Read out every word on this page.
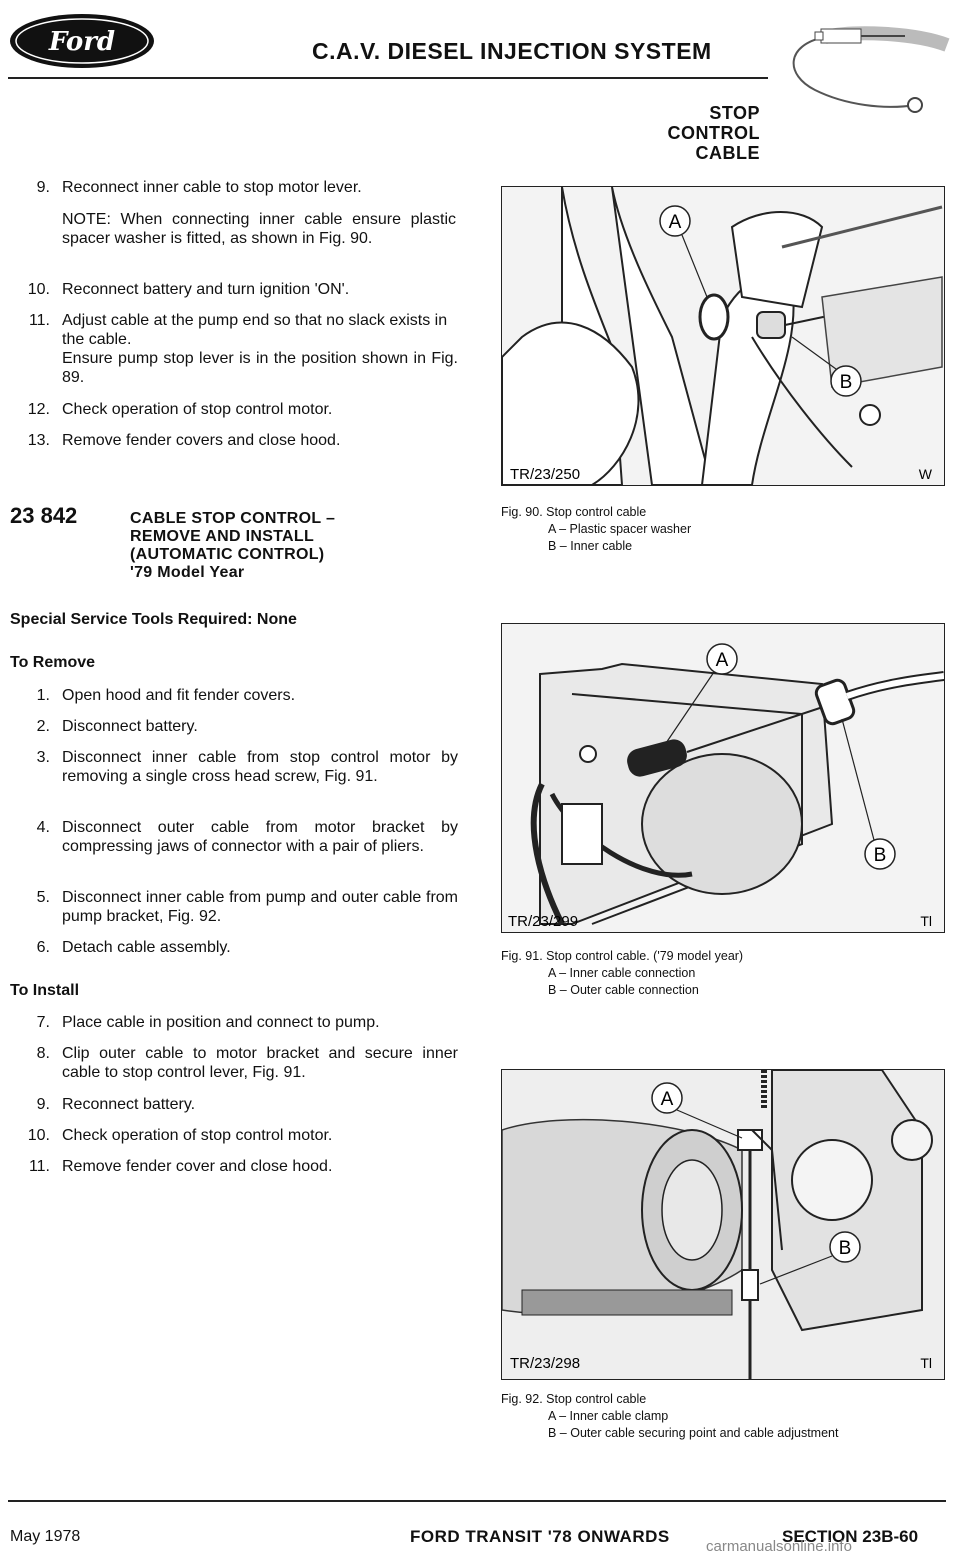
Ford	C.A.V. DIESEL INJECTION SYSTEM
STOP
CONTROL
CABLE
9. Reconnect inner cable to stop motor lever.
NOTE: When connecting inner cable ensure plastic spacer washer is fitted, as shown in Fig. 90.
10. Reconnect battery and turn ignition 'ON'.
11. Adjust cable at the pump end so that no slack exists in the cable.
Ensure pump stop lever is in the position shown in Fig. 89.
12. Check operation of stop control motor.
13. Remove fender covers and close hood.
23 842	CABLE STOP CONTROL –
REMOVE AND INSTALL
(AUTOMATIC CONTROL)
'79 Model Year
Special Service Tools Required: None
To Remove
1. Open hood and fit fender covers.
2. Disconnect battery.
3. Disconnect inner cable from stop control motor by removing a single cross head screw, Fig. 91.
4. Disconnect outer cable from motor bracket by compressing jaws of connector with a pair of pliers.
5. Disconnect inner cable from pump and outer cable from pump bracket, Fig. 92.
6. Detach cable assembly.
To Install
7. Place cable in position and connect to pump.
8. Clip outer cable to motor bracket and secure inner cable to stop control lever, Fig. 91.
9. Reconnect battery.
10. Check operation of stop control motor.
11. Remove fender cover and close hood.
A
B
TR/23/250	W
Fig. 90. Stop control cable
A – Plastic spacer washer
B – Inner cable
A
B
TR/23/299	Tl
Fig. 91. Stop control cable. ('79 model year)
A – Inner cable connection
B – Outer cable connection
A
B
TR/23/298	Tl
Fig. 92. Stop control cable
A – Inner cable clamp
B – Outer cable securing point and cable adjustment
May 1978	FORD TRANSIT '78 ONWARDS	SECTION 23B-60
carmanualsonline.info
